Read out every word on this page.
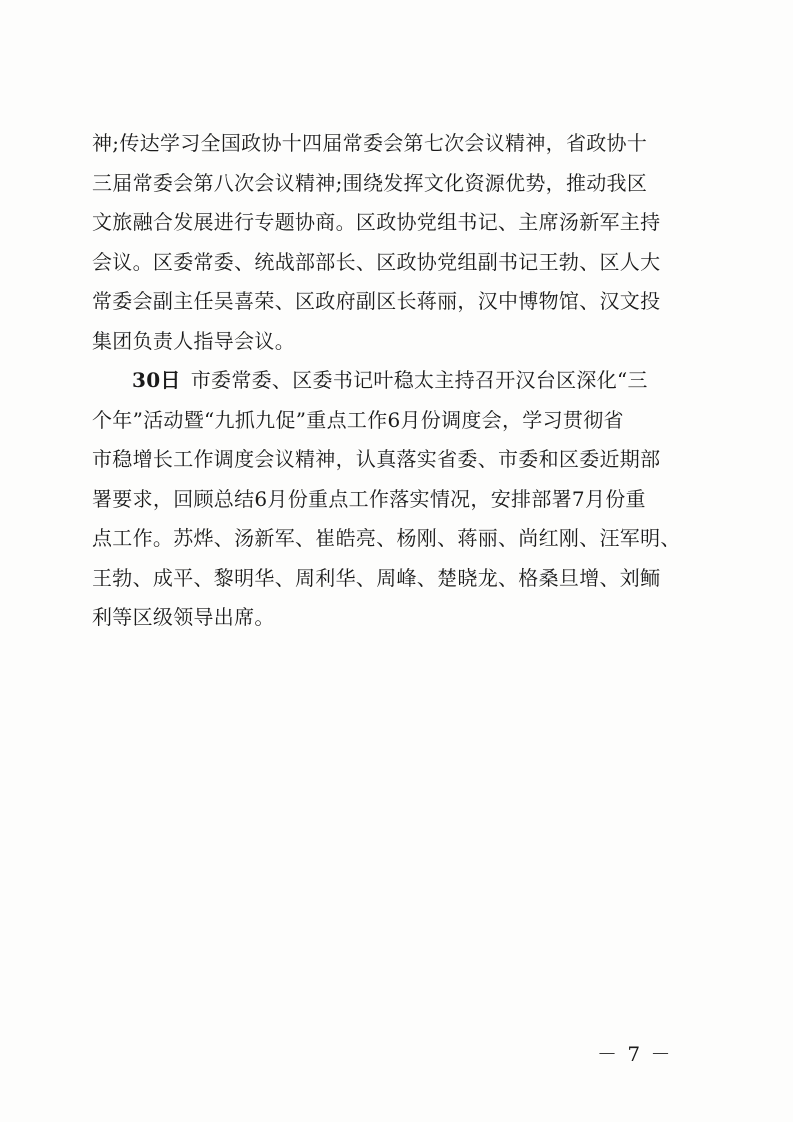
神;传达学习全国政协十四届常委会第七次会议精神，省政协十
三届常委会第八次会议精神;围绕发挥文化资源优势，推动我区
文旅融合发展进行专题协商。区政协党组书记、主席汤新军主持
会议。区委常委、统战部部长、区政协党组副书记王勃、区人大
常委会副主任吴喜荣、区政府副区长蒋丽，汉中博物馆、汉文投
集团负责人指导会议。
30日 市委常委、区委书记叶稳太主持召开汉台区深化“三
个年”活动暨“九抓九促”重点工作6月份调度会，学习贯彻省
市稳增长工作调度会议精神，认真落实省委、市委和区委近期部
署要求，回顾总结6月份重点工作落实情况，安排部署7月份重
点工作。苏烨、汤新军、崔皓亮、杨刚、蒋丽、尚红刚、汪军明、
王勃、成平、黎明华、周利华、周峰、楚晓龙、格桑旦增、刘鲕
利等区级领导出席。
－ 7 －
